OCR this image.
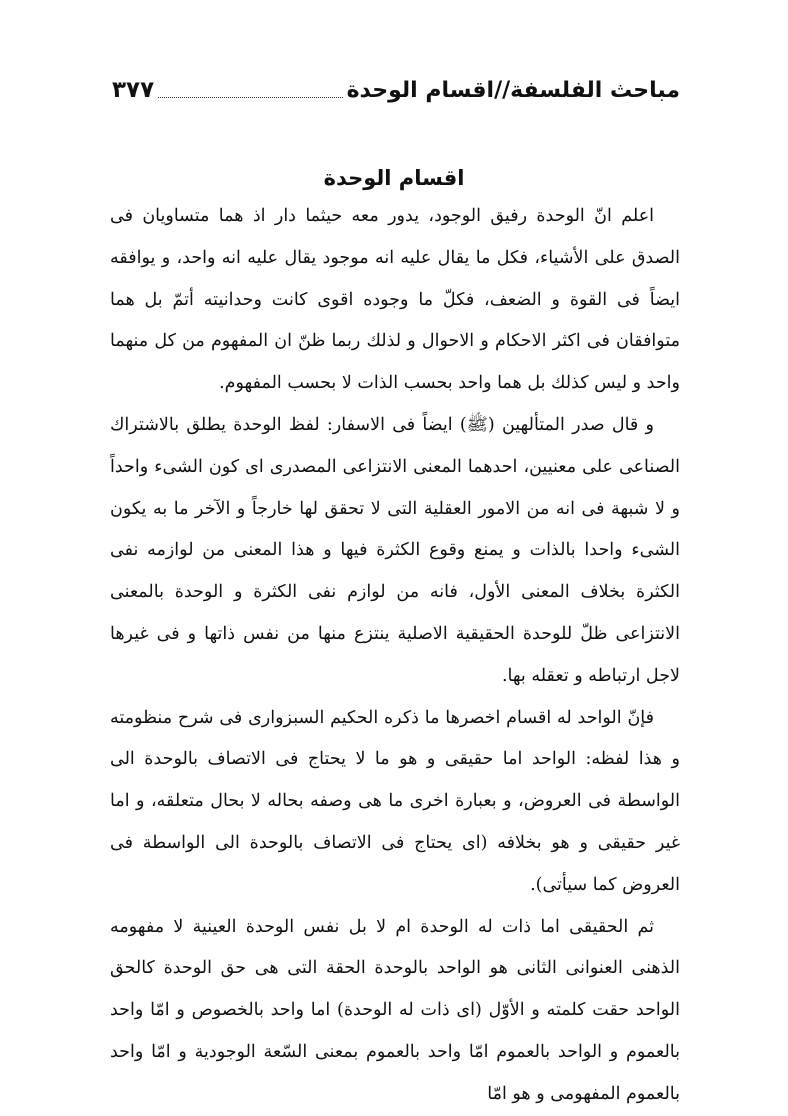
مباحث الفلسفة//اقسام الوحدة
۳۷۷
اقسام الوحدة

اعلم انّ الوحدة رفيق الوجود، يدور معه حيثما دار اذ هما متساويان فى الصدق على الأشياء، فكل ما يقال عليه انه موجود يقال عليه انه واحد، و يوافقه ايضاً فى القوة و الضعف، فكلّ ما وجوده اقوى كانت وحدانيته أتمّ بل هما متوافقان فى اكثر الاحكام و الاحوال و لذلك ربما ظنّ ان المفهوم من كل منهما واحد و ليس كذلك بل هما واحد بحسب الذات لا بحسب المفهوم.

و قال صدر المتألهين (ﷺ) ايضاً فى الاسفار: لفظ الوحدة يطلق بالاشتراك الصناعى على معنيين، احدهما المعنى الانتزاعى المصدرى اى كون الشىء واحداً و لا شبهة فى انه من الامور العقلية التى لا تحقق لها خارجاً و الآخر ما به يكون الشىء واحدا بالذات و يمنع وقوع الكثرة فيها و هذا المعنى من لوازمه نفى الكثرة بخلاف المعنى الأول، فانه من لوازم نفى الكثرة و الوحدة بالمعنى الانتزاعى ظلّ للوحدة الحقيقية الاصلية ينتزع منها من نفس ذاتها و فى غيرها لاجل ارتباطه و تعقله بها.

فإنّ الواحد له اقسام اخصرها ما ذكره الحكيم السبزوارى فى شرح منظومته و هذا لفظه: الواحد اما حقيقى و هو ما لا يحتاج فى الاتصاف بالوحدة الى الواسطة فى العروض، و بعبارة اخرى ما هى وصفه بحاله لا بحال متعلقه، و اما غير حقيقى و هو بخلافه (اى يحتاج فى الاتصاف بالوحدة الى الواسطة فى العروض كما سيأتى).

ثم الحقيقى اما ذات له الوحدة ام لا بل نفس الوحدة العينية لا مفهومه الذهنى العنوانى الثانى هو الواحد بالوحدة الحقة التى هى حق الوحدة كالحق الواحد حقت كلمته و الأوّل (اى ذات له الوحدة) اما واحد بالخصوص و امّا واحد بالعموم و الواحد بالعموم امّا واحد بالعموم بمعنى السّعة الوجودية و امّا واحد بالعموم المفهومى و هو امّا
